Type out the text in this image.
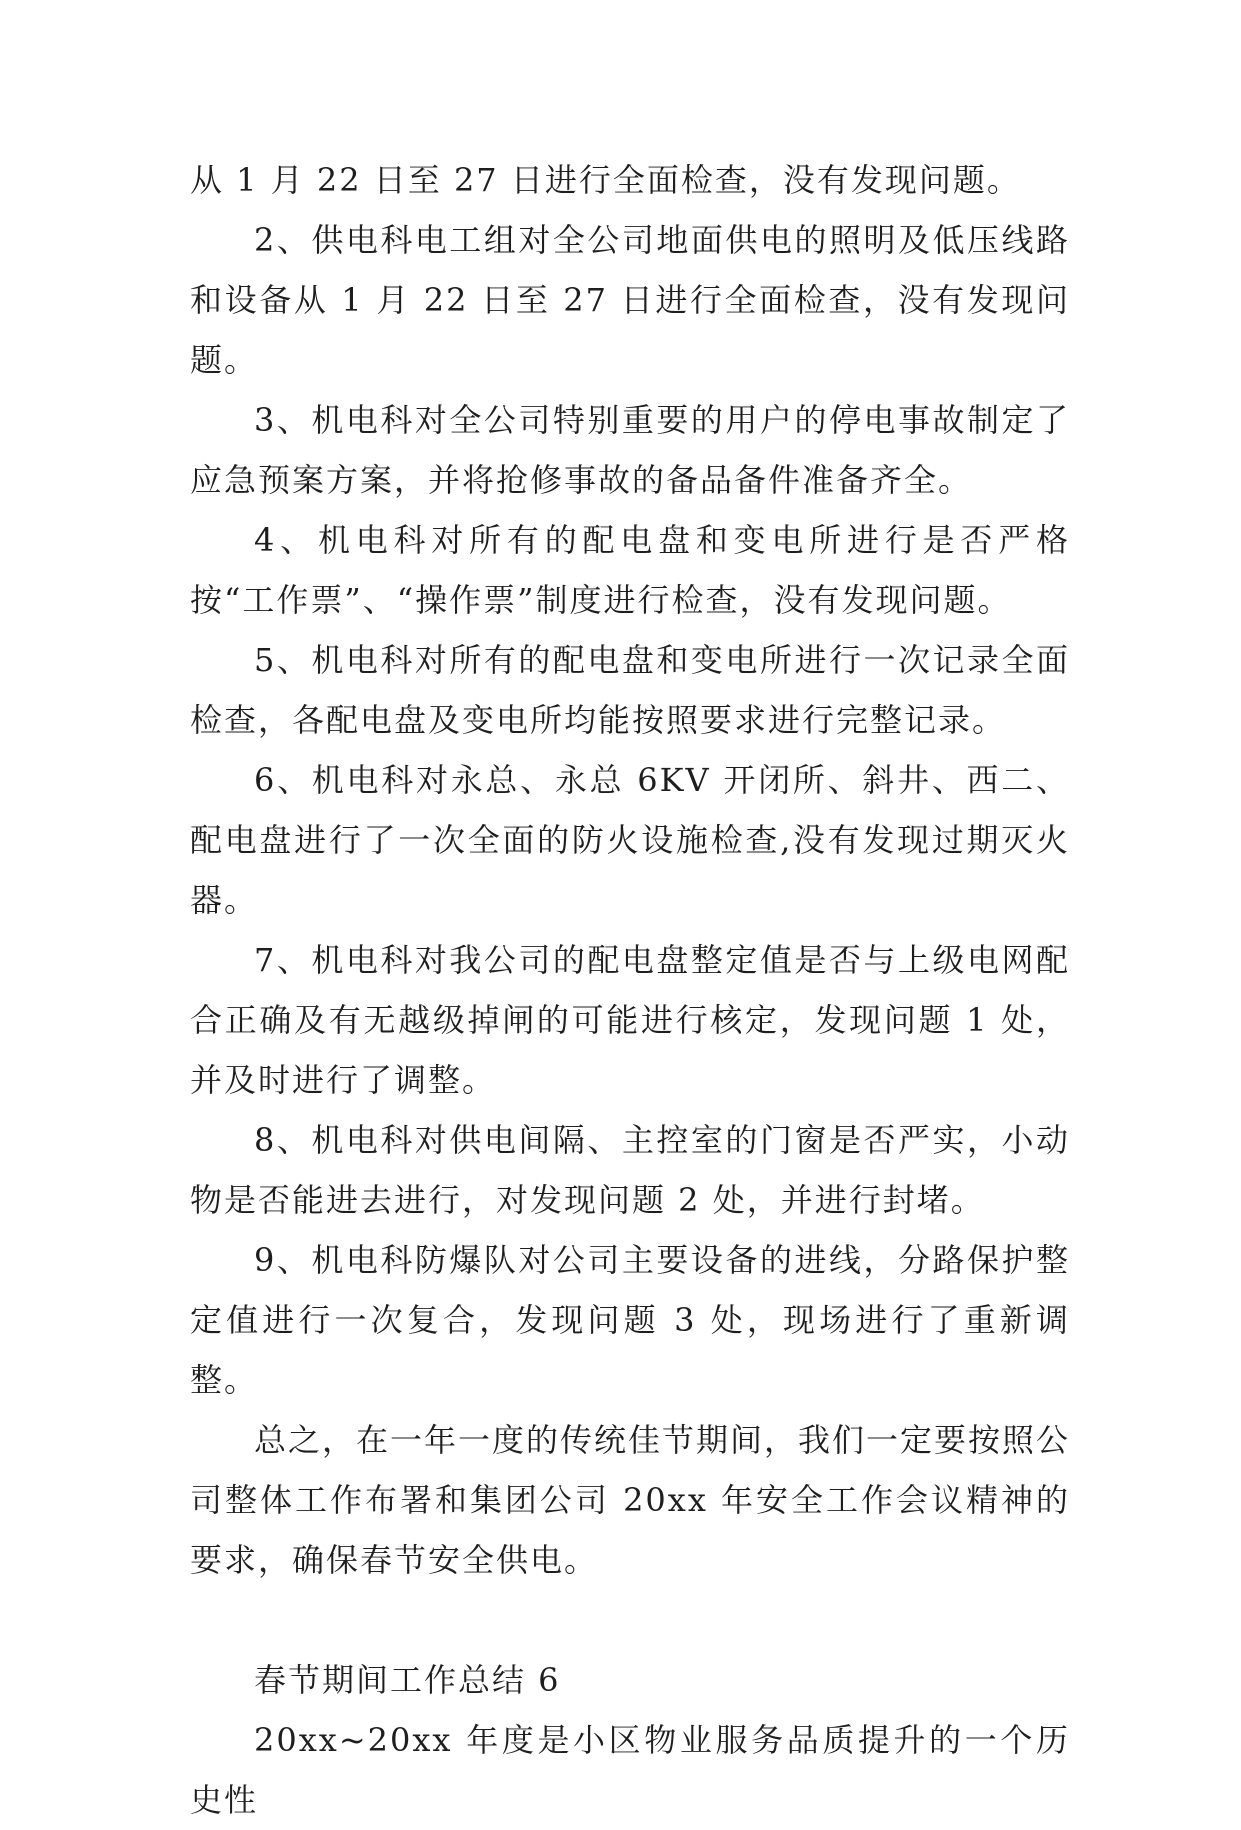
从 1 月 22 日至 27 日进行全面检查，没有发现问题。

2、供电科电工组对全公司地面供电的照明及低压线路和设备从 1 月 22 日至 27 日进行全面检查，没有发现问题。

3、机电科对全公司特别重要的用户的停电事故制定了应急预案方案，并将抢修事故的备品备件准备齐全。

4、机电科对所有的配电盘和变电所进行是否严格按“工作票”、“操作票”制度进行检查，没有发现问题。

5、机电科对所有的配电盘和变电所进行一次记录全面检查，各配电盘及变电所均能按照要求进行完整记录。

6、机电科对永总、永总 6KV 开闭所、斜井、西二、配电盘进行了一次全面的防火设施检查,没有发现过期灭火器。

7、机电科对我公司的配电盘整定值是否与上级电网配合正确及有无越级掉闸的可能进行核定，发现问题 1 处，并及时进行了调整。

8、机电科对供电间隔、主控室的门窗是否严实，小动物是否能进去进行，对发现问题 2 处，并进行封堵。

9、机电科防爆队对公司主要设备的进线，分路保护整定值进行一次复合，发现问题 3 处，现场进行了重新调整。

总之，在一年一度的传统佳节期间，我们一定要按照公司整体工作布署和集团公司 20xx 年安全工作会议精神的要求，确保春节安全供电。

春节期间工作总结 6

20xx~20xx 年度是小区物业服务品质提升的一个历史性
